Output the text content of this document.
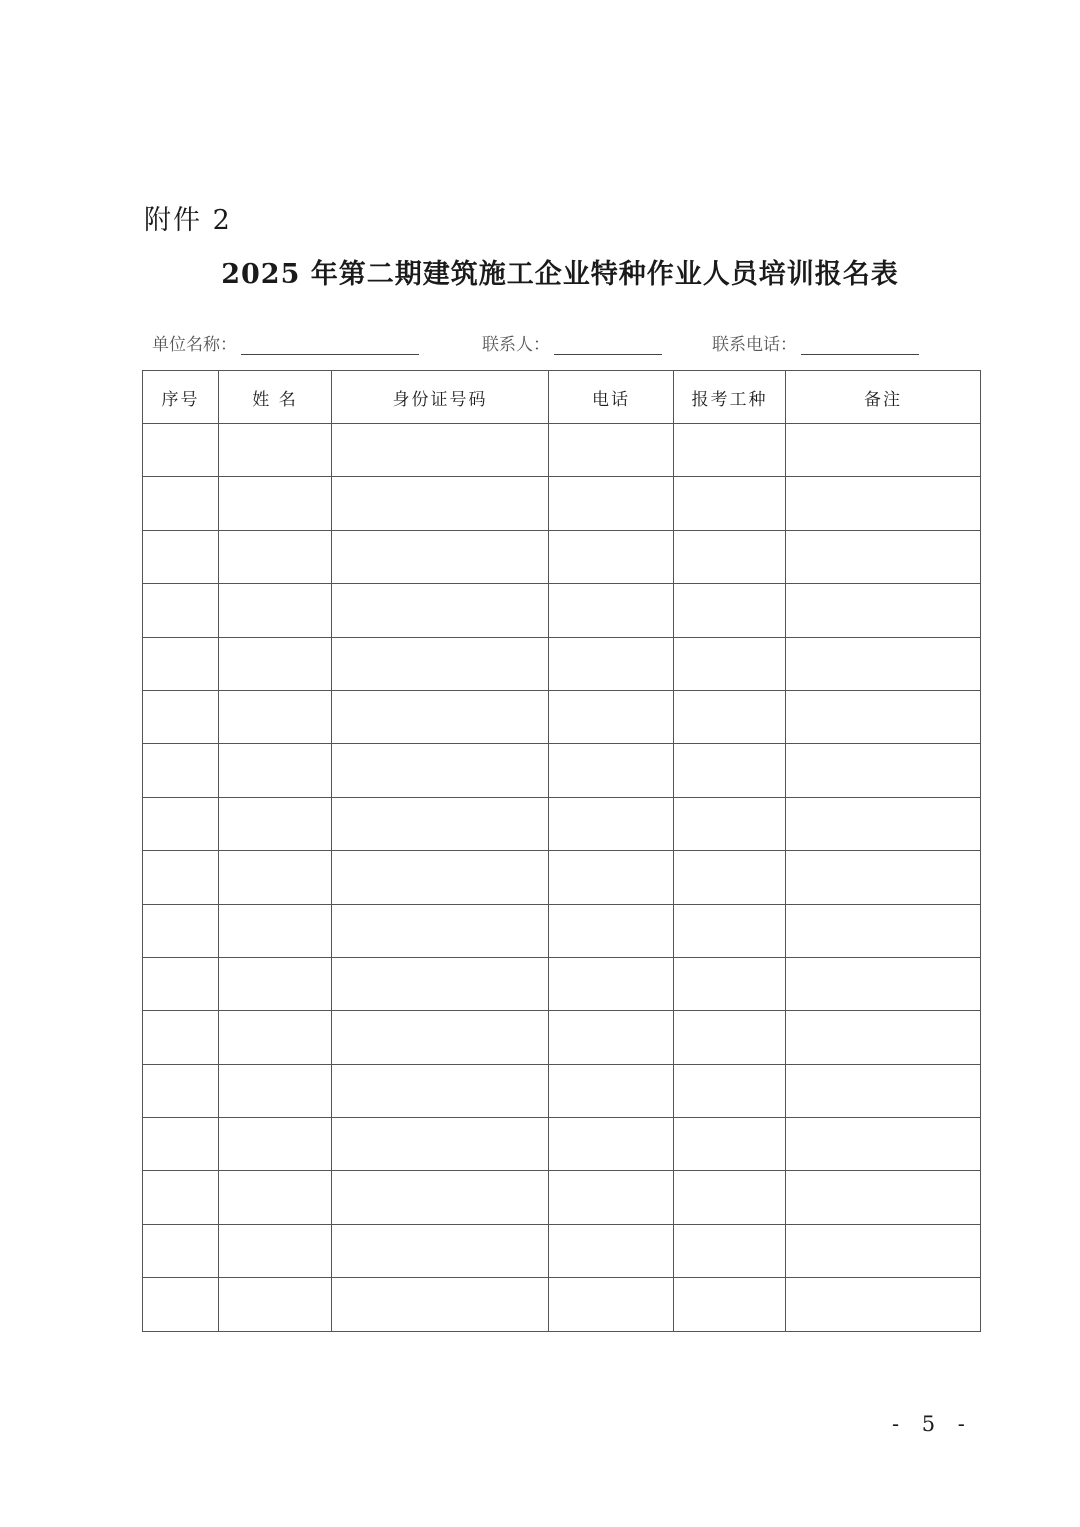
附件 2
2025 年第二期建筑施工企业特种作业人员培训报名表
单位名称：	联系人：	联系电话：
序号	姓 名	身份证号码	电话	报考工种	备注

- 5 -
